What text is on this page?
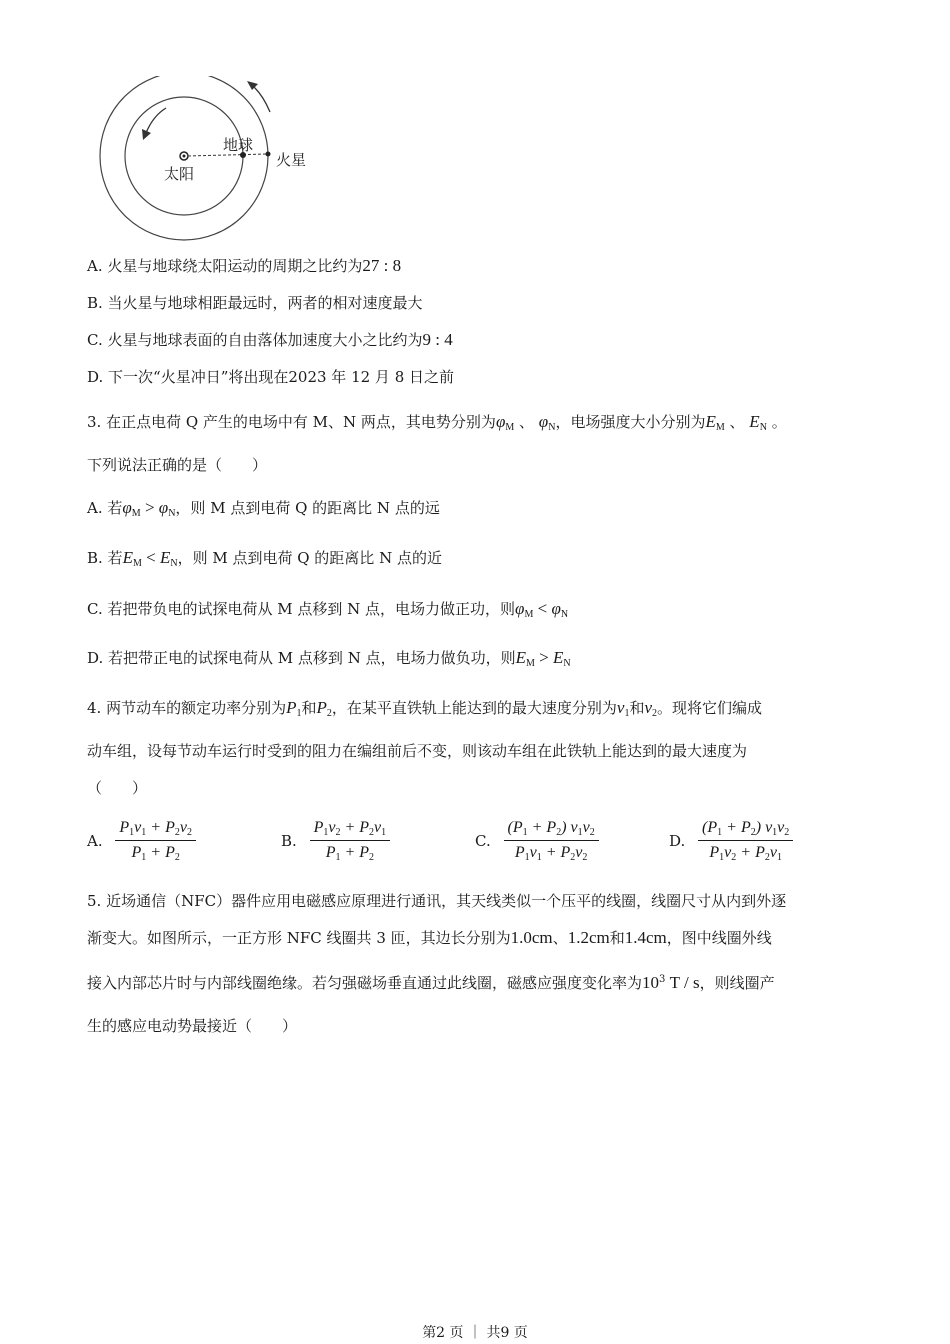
太阳
地球
火星
A. 火星与地球绕太阳运动的周期之比约为27 : 8
B. 当火星与地球相距最远时，两者的相对速度最大
C. 火星与地球表面的自由落体加速度大小之比约为9 : 4
D. 下一次“火星冲日”将出现在2023 年 12 月 8 日之前
3. 在正点电荷 Q 产生的电场中有 M、N 两点，其电势分别为$\varphi_M$ 、 $\varphi_N$，电场强度大小分别为$E_M$ 、 $E_N$ 。
下列说法正确的是（　　）
A. 若$\varphi_M > \varphi_N$，则 M 点到电荷 Q 的距离比 N 点的远
B. 若$E_M < E_N$，则 M 点到电荷 Q 的距离比 N 点的近
C. 若把带负电的试探电荷从 M 点移到 N 点，电场力做正功，则$\varphi_M < \varphi_N$
D. 若把带正电的试探电荷从 M 点移到 N 点，电场力做负功，则$E_M > E_N$
4. 两节动车的额定功率分别为$P_1$和$P_2$，在某平直铁轨上能达到的最大速度分别为$v_1$和$v_2$。现将它们编成
动车组，设每节动车运行时受到的阻力在编组前后不变，则该动车组在此铁轨上能达到的最大速度为
（　　）
A. $\frac{P_1v_1 + P_2v_2}{P_1 + P_2}$	B. $\frac{P_1v_2 + P_2v_1}{P_1 + P_2}$	C. $\frac{(P_1 + P_2) v_1v_2}{P_1v_1 + P_2v_2}$	D. $\frac{(P_1 + P_2) v_1v_2}{P_1v_2 + P_2v_1}$
5. 近场通信（NFC）器件应用电磁感应原理进行通讯，其天线类似一个压平的线圈，线圈尺寸从内到外逐
渐变大。如图所示，一正方形 NFC 线圈共 3 匝，其边长分别为1.0cm、1.2cm和1.4cm，图中线圈外线
接入内部芯片时与内部线圈绝缘。若匀强磁场垂直通过此线圈，磁感应强度变化率为$10^3$ T / s，则线圈产
生的感应电动势最接近（　　）
第2 页 ｜ 共9 页
